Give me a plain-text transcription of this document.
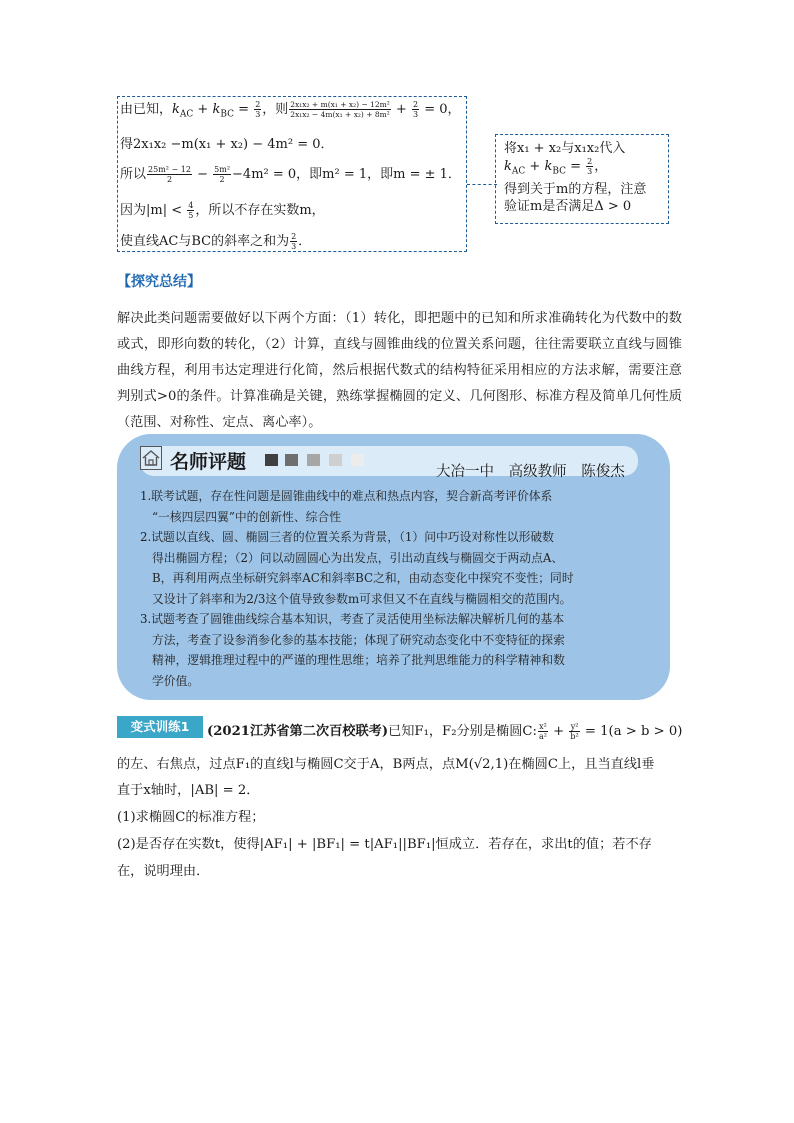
由已知，$k_{AC} + k_{BC} = \frac{2}{3}$ ，则 $\frac{\text{2x₁x₂ + m(x₁ + x₂) − 12m²}}{\text{2x₁x₂ − 4m(x₁ + x₂) + 8m²}} + \frac{2}{3} = 0$，
得2x₁x₂ −m(x₁ + x₂) − 4m² = 0．
所以 $\frac{\text{25m² − 12}}{2} - \frac{\text{5m²}}{2} -4m^2 = 0$，即m² = 1，即m = ± 1．
因为$|m| < \frac{4}{5}$ ，所以不存在实数m，
使直线AC与BC的斜率之和为 $\frac{2}{3}$ ．
将x₁ + x₂与x₁x₂代入
$k_{AC} + k_{BC} = \frac{2}{3}$ ，
得到关于m的方程，注意
验证m是否满足Δ > 0
【探究总结】
解决此类问题需要做好以下两个方面：（1）转化，即把题中的已知和所求准确转化为代数中的数或式，即形向数的转化，（2）计算，直线与圆锥曲线的位置关系问题，往往需要联立直线与圆锥曲线方程，利用韦达定理进行化简，然后根据代数式的结构特征采用相应的方法求解，需要注意判别式>0的条件。计算准确是关键，熟练掌握椭圆的定义、几何图形、标准方程及简单几何性质（范围、对称性、定点、离心率）。
名师评题	大冶一中 高级教师 陈俊杰

1.联考试题，存在性问题是圆锥曲线中的难点和热点内容，契合新高考评价体系

“一核四层四翼”中的创新性、综合性

2.试题以直线、圆、椭圆三者的位置关系为背景，（1）问中巧设对称性以形破数

得出椭圆方程；（2）问以动圆圆心为出发点，引出动直线与椭圆交于两动点A、

B，再利用两点坐标研究斜率AC和斜率BC之和，由动态变化中探究不变性；同时

又设计了斜率和为2/3这个值导致参数m可求但又不在直线与椭圆相交的范围内。

3.试题考查了圆锥曲线综合基本知识，考查了灵活使用坐标法解决解析几何的基本

方法，考查了设参消参化参的基本技能；体现了研究动态变化中不变特征的探索

精神，逻辑推理过程中的严谨的理性思维；培养了批判思维能力的科学精神和数

学价值。

变式训练1	(2021江苏省第二次百校联考)已知F₁，F₂分别是椭圆C: $\frac{\text{x²}}{\text{a²}} + \frac{\text{y²}}{\text{b²}} = 1(a > b > 0)$
的左、右焦点，过点F₁的直线l与椭圆C交于A，B两点，点M(√2,1)在椭圆C上，且当直线l垂
直于x轴时，|AB| = 2．
(1)求椭圆C的标准方程；
(2)是否存在实数t，使得|AF₁| + |BF₁| = t|AF₁||BF₁|恒成立．若存在，求出t的值；若不存
在，说明理由．
